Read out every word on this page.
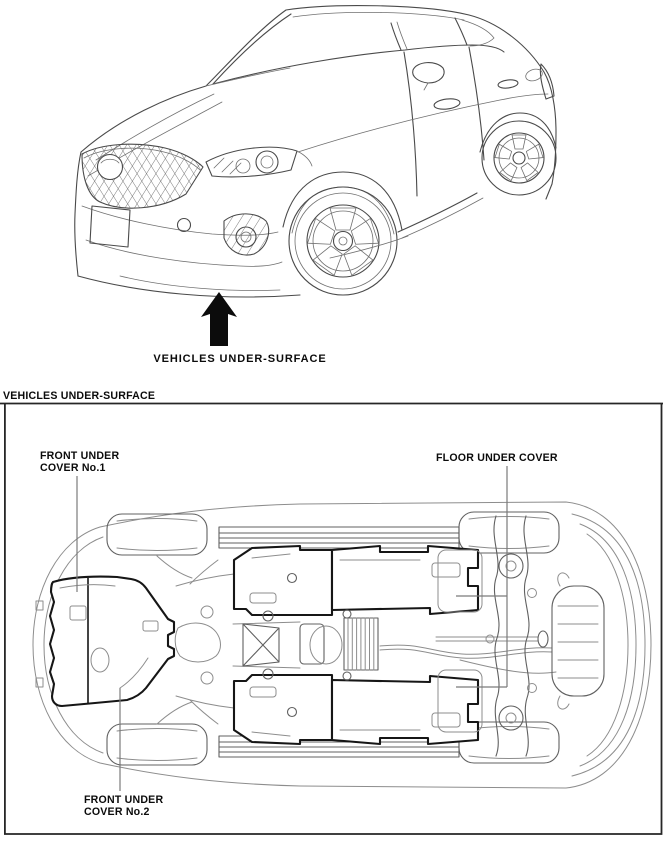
VEHICLES UNDER-SURFACE
VEHICLES UNDER-SURFACE
FRONT UNDER
COVER No.1
FLOOR UNDER COVER
FRONT UNDER
COVER No.2
